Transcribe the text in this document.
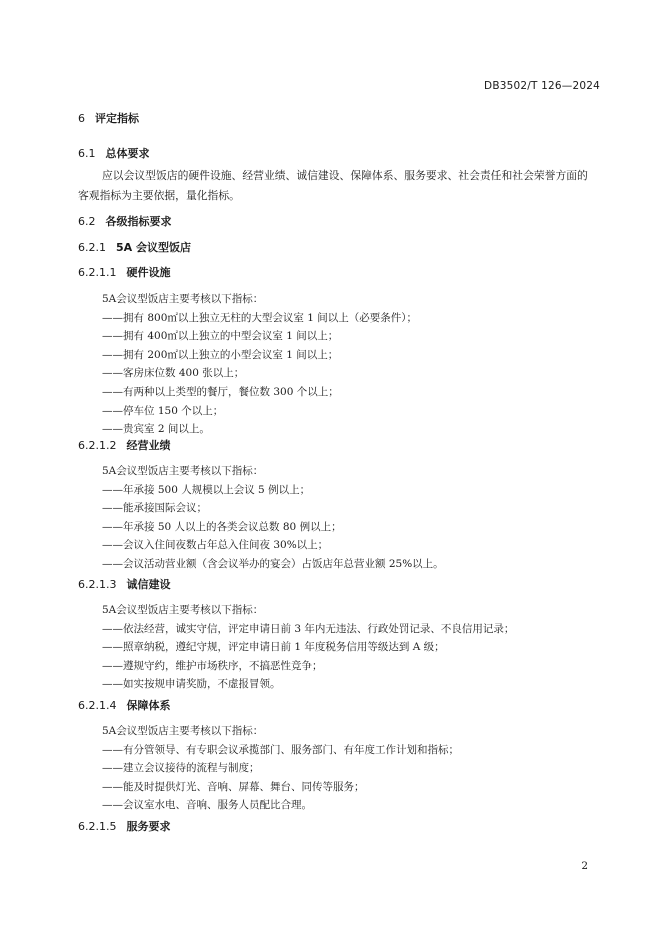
DB3502/T 126—2024
6 评定指标
6.1 总体要求
应以会议型饭店的硬件设施、经营业绩、诚信建设、保障体系、服务要求、社会责任和社会荣誉方面的客观指标为主要依据，量化指标。
6.2 各级指标要求
6.2.1 5A 会议型饭店
6.2.1.1 硬件设施
5A会议型饭店主要考核以下指标：
——拥有 800㎡以上独立无柱的大型会议室 1 间以上（必要条件）；
——拥有 400㎡以上独立的中型会议室 1 间以上；
——拥有 200㎡以上独立的小型会议室 1 间以上；
——客房床位数 400 张以上；
——有两种以上类型的餐厅，餐位数 300 个以上；
——停车位 150 个以上；
——贵宾室 2 间以上。
6.2.1.2 经营业绩
5A会议型饭店主要考核以下指标：
——年承接 500 人规模以上会议 5 例以上；
——能承接国际会议；
——年承接 50 人以上的各类会议总数 80 例以上；
——会议入住间夜数占年总入住间夜 30%以上；
——会议活动营业额（含会议举办的宴会）占饭店年总营业额 25%以上。
6.2.1.3 诚信建设
5A会议型饭店主要考核以下指标：
——依法经营，诚实守信，评定申请日前 3 年内无违法、行政处罚记录、不良信用记录；
——照章纳税，遵纪守规，评定申请日前 1 年度税务信用等级达到 A 级；
——遵规守约，维护市场秩序，不搞恶性竞争；
——如实按规申请奖励，不虚报冒领。
6.2.1.4 保障体系
5A会议型饭店主要考核以下指标：
——有分管领导、有专职会议承揽部门、服务部门、有年度工作计划和指标；
——建立会议接待的流程与制度；
——能及时提供灯光、音响、屏幕、舞台、同传等服务；
——会议室水电、音响、服务人员配比合理。
6.2.1.5 服务要求
2
